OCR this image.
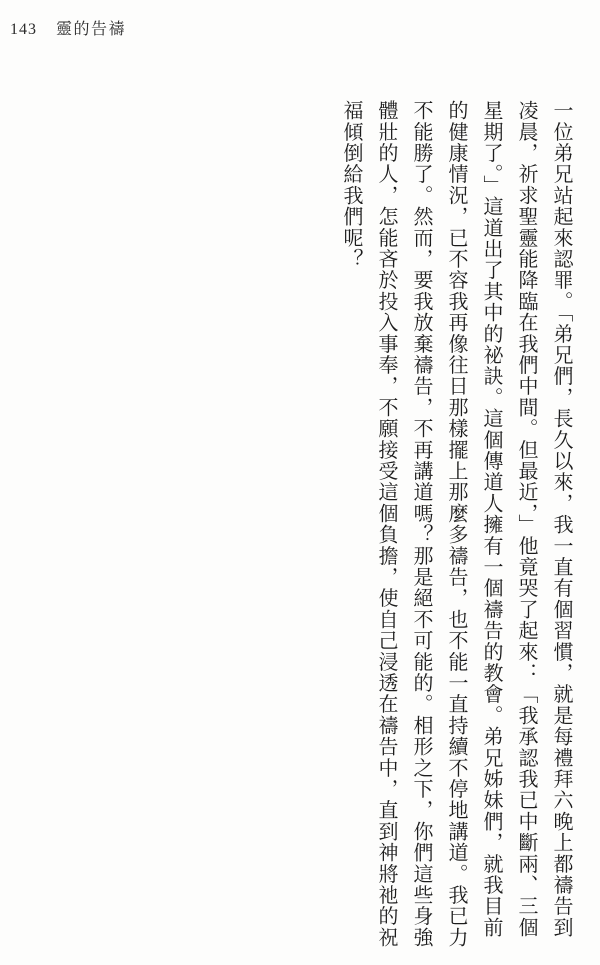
143 靈的告禱
一位弟兄站起來認罪。「弟兄們，長久以來，我一直有個習慣，就是每禮拜六晚上都禱告到
凌晨，祈求聖靈能降臨在我們中間。但最近，」他竟哭了起來：「我承認我已中斷兩、三個
星期了。」這道出了其中的祕訣。這個傳道人擁有一個禱告的教會。弟兄姊妹們，就我目前
的健康情況，已不容我再像往日那樣擺上那麼多禱告，也不能一直持續不停地講道。我已力
不能勝了。然而，要我放棄禱告，不再講道嗎？那是絕不可能的。相形之下，你們這些身強
體壯的人，怎能吝於投入事奉，不願接受這個負擔，使自己浸透在禱告中，直到神將祂的祝
福傾倒給我們呢？
